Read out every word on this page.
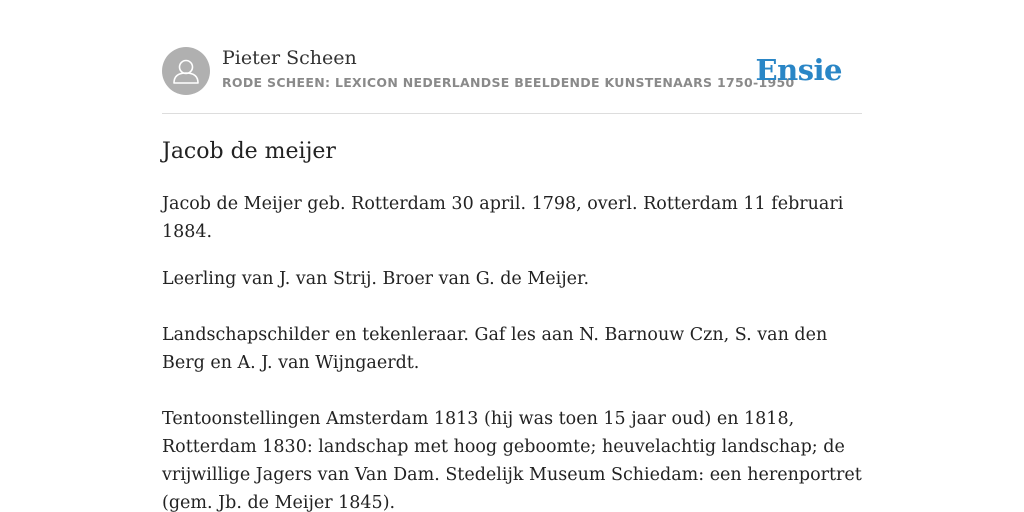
Pieter Scheen
RODE SCHEEN: LEXICON NEDERLANDSE BEELDENDE KUNSTENAARS 1750-1950
Ensie
Jacob de meijer

Jacob de Meijer geb. Rotterdam 30 april. 1798, overl. Rotterdam 11 februari 1884.

Leerling van J. van Strij. Broer van G. de Meijer.

Landschapschilder en tekenleraar. Gaf les aan N. Barnouw Czn, S. van den Berg en A. J. van Wijngaerdt.

Tentoonstellingen Amsterdam 1813 (hij was toen 15 jaar oud) en 1818, Rotterdam 1830: landschap met hoog geboomte; heuvelachtig landschap; de vrijwillige Jagers van Van Dam. Stedelijk Museum Schiedam: een herenportret (gem. Jb. de Meijer 1845).
